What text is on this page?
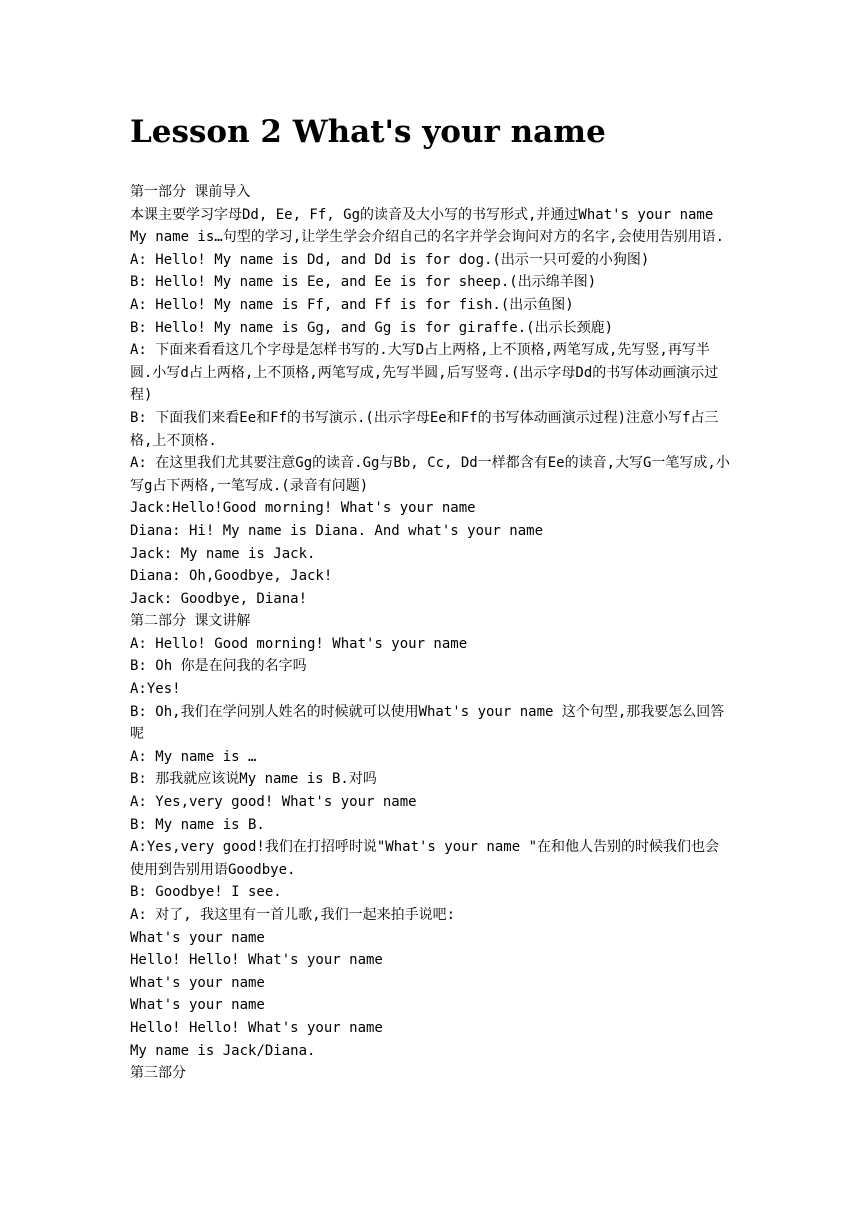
Lesson 2 What's your name

第一部分 课前导入

本课主要学习字母Dd, Ee, Ff, Gg的读音及大小写的书写形式,并通过What's your name My name is…句型的学习,让学生学会介绍自己的名字并学会询问对方的名字,会使用告别用语.

A: Hello! My name is Dd, and Dd is for dog.(出示一只可爱的小狗图)

B: Hello! My name is Ee, and Ee is for sheep.(出示绵羊图)

A: Hello! My name is Ff, and Ff is for fish.(出示鱼图)

B: Hello! My name is Gg, and Gg is for giraffe.(出示长颈鹿)

A: 下面来看看这几个字母是怎样书写的.大写D占上两格,上不顶格,两笔写成,先写竖,再写半圆.小写d占上两格,上不顶格,两笔写成,先写半圆,后写竖弯.(出示字母Dd的书写体动画演示过程)

B: 下面我们来看Ee和Ff的书写演示.(出示字母Ee和Ff的书写体动画演示过程)注意小写f占三格,上不顶格.

A: 在这里我们尤其要注意Gg的读音.Gg与Bb, Cc, Dd一样都含有Ee的读音,大写G一笔写成,小写g占下两格,一笔写成.(录音有问题)

Jack:Hello!Good morning! What's your name

Diana: Hi! My name is Diana. And what's your name

Jack: My name is Jack.

Diana: Oh,Goodbye, Jack!

Jack: Goodbye, Diana!

第二部分 课文讲解

A: Hello! Good morning! What's your name

B: Oh 你是在问我的名字吗

A:Yes!

B: Oh,我们在学问别人姓名的时候就可以使用What's your name 这个句型,那我要怎么回答呢

A: My name is …

B: 那我就应该说My name is B.对吗

A: Yes,very good! What's your name

B: My name is B.

A:Yes,very good!我们在打招呼时说"What's your name "在和他人告别的时候我们也会使用到告别用语Goodbye.

B: Goodbye! I see.

A: 对了, 我这里有一首儿歌,我们一起来拍手说吧:

What's your name

Hello! Hello! What's your name

What's your name

What's your name

Hello! Hello! What's your name

My name is Jack/Diana.

第三部分
